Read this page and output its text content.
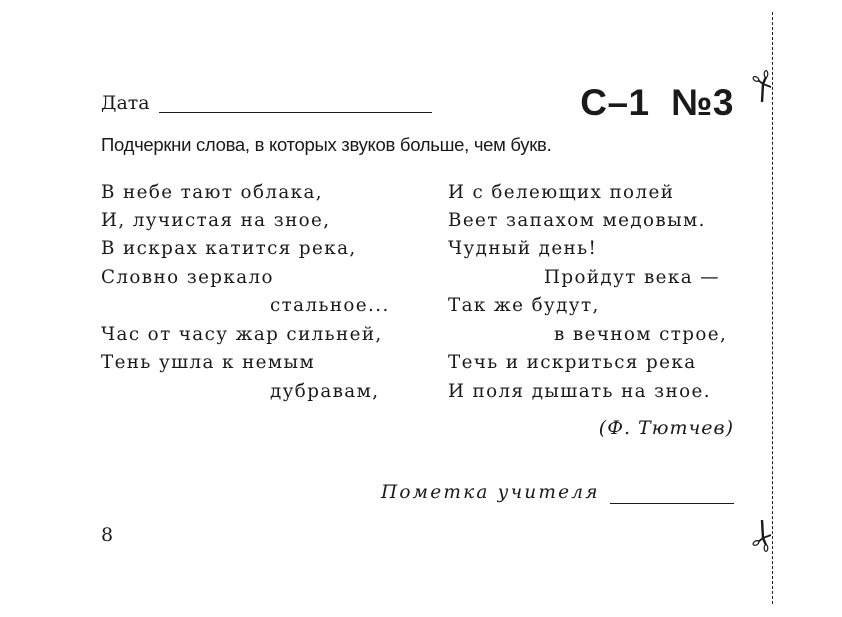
Дата	С–1  №3
Подчеркни слова, в которых звуков больше, чем букв.
В небе тают облака,
И, лучистая на зное,
В искрах катится река,
Словно зеркало
стальное...
Час от часу жар сильней,
Тень ушла к немым
дубравам,
И с белеющих полей
Веет запахом медовым.
Чудный день!
Пройдут века —
Так же будут,
в вечном строе,
Течь и искриться река
И поля дышать на зное.
(Ф. Тютчев)
Пометка учителя
8
